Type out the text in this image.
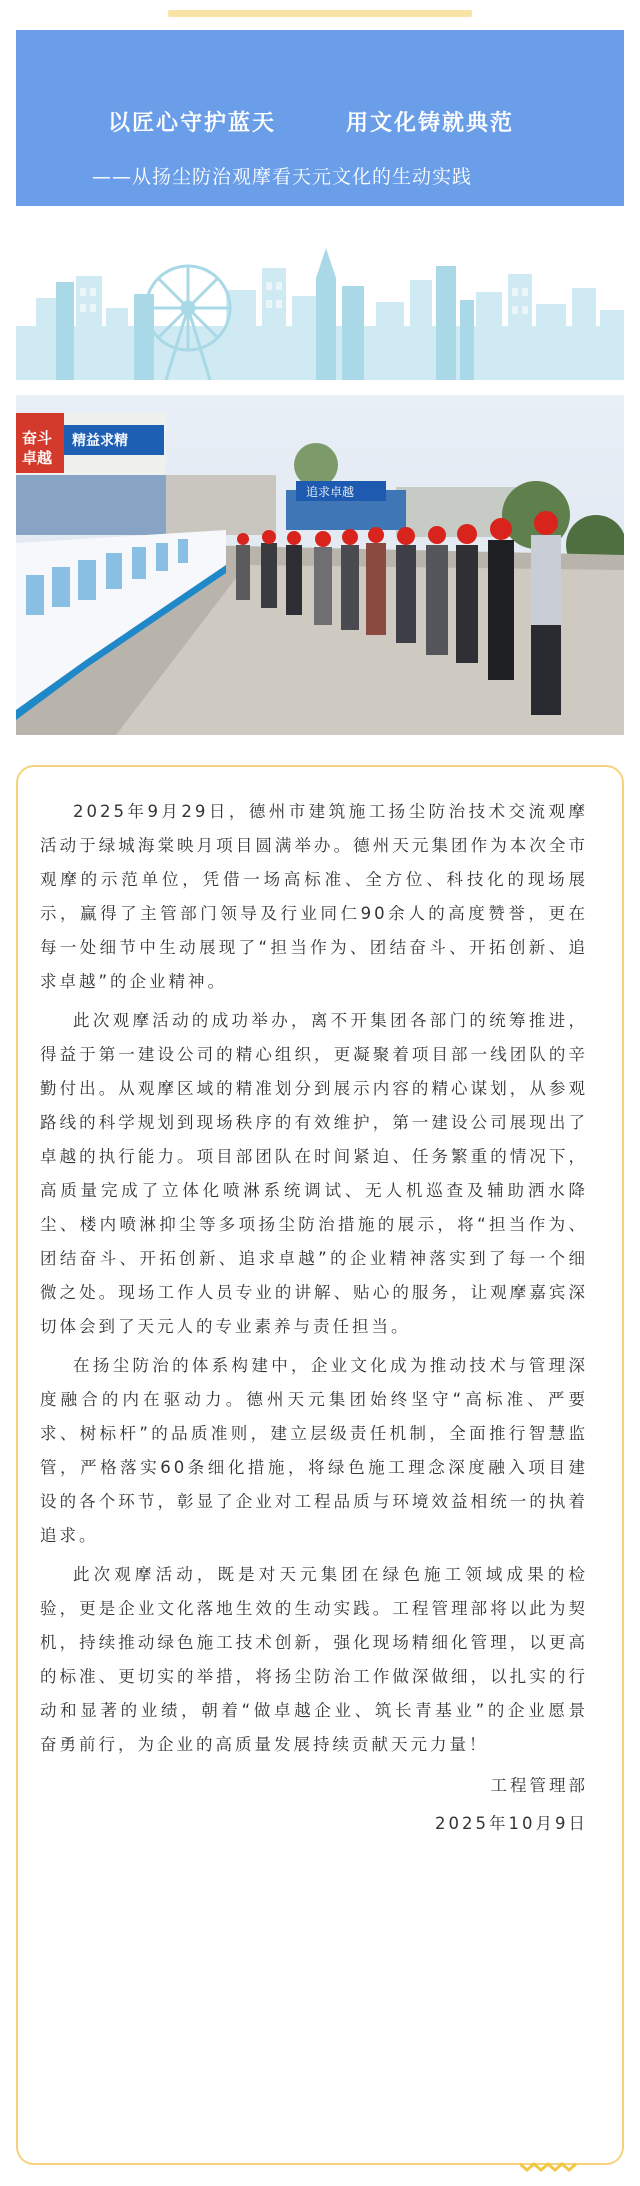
以匠心守护蓝天	用文化铸就典范
——从扬尘防治观摩看天元文化的生动实践
奋斗
卓越
精益求精
追求卓越

2025年9月29日，德州市建筑施工扬尘防治技术交流观摩活动于绿城海棠映月项目圆满举办。德州天元集团作为本次全市观摩的示范单位，凭借一场高标准、全方位、科技化的现场展示，赢得了主管部门领导及行业同仁90余人的高度赞誉，更在每一处细节中生动展现了“担当作为、团结奋斗、开拓创新、追求卓越”的企业精神。

此次观摩活动的成功举办，离不开集团各部门的统筹推进，得益于第一建设公司的精心组织，更凝聚着项目部一线团队的辛勤付出。从观摩区域的精准划分到展示内容的精心谋划，从参观路线的科学规划到现场秩序的有效维护，第一建设公司展现出了卓越的执行能力。项目部团队在时间紧迫、任务繁重的情况下，高质量完成了立体化喷淋系统调试、无人机巡查及辅助洒水降尘、楼内喷淋抑尘等多项扬尘防治措施的展示，将“担当作为、团结奋斗、开拓创新、追求卓越”的企业精神落实到了每一个细微之处。现场工作人员专业的讲解、贴心的服务，让观摩嘉宾深切体会到了天元人的专业素养与责任担当。

在扬尘防治的体系构建中，企业文化成为推动技术与管理深度融合的内在驱动力。德州天元集团始终坚守“高标准、严要求、树标杆”的品质准则，建立层级责任机制，全面推行智慧监管，严格落实60条细化措施，将绿色施工理念深度融入项目建设的各个环节，彰显了企业对工程品质与环境效益相统一的执着追求。

此次观摩活动，既是对天元集团在绿色施工领域成果的检验，更是企业文化落地生效的生动实践。工程管理部将以此为契机，持续推动绿色施工技术创新，强化现场精细化管理，以更高的标准、更切实的举措，将扬尘防治工作做深做细，以扎实的行动和显著的业绩，朝着“做卓越企业、筑长青基业”的企业愿景奋勇前行，为企业的高质量发展持续贡献天元力量！

工程管理部

2025年10月9日
